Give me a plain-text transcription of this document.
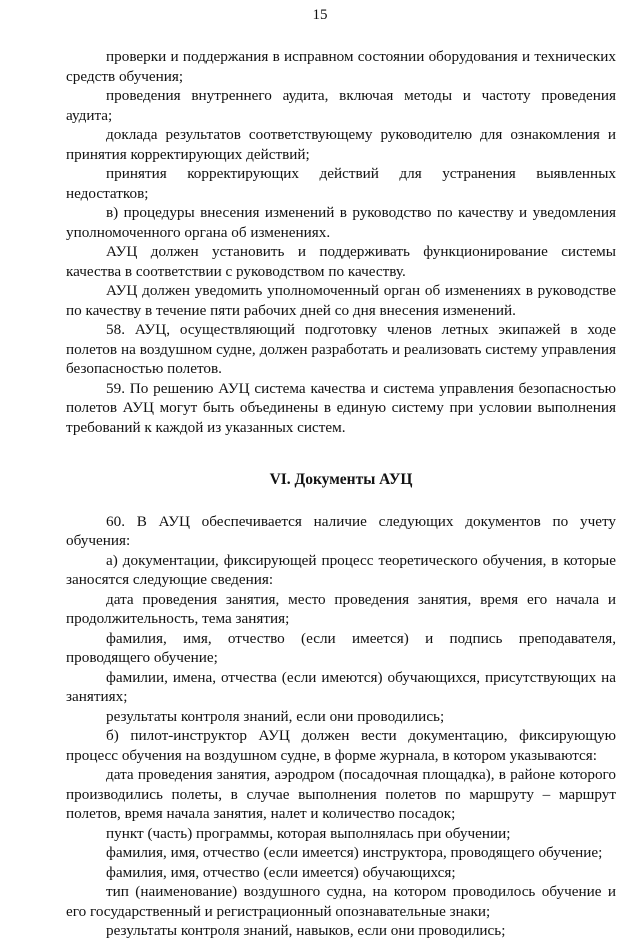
15

проверки и поддержания в исправном состоянии оборудования и технических средств обучения;

проведения внутреннего аудита, включая методы и частоту проведения аудита;

доклада результатов соответствующему руководителю для ознакомления и принятия корректирующих действий;

принятия корректирующих действий для устранения выявленных недостатков;

в) процедуры внесения изменений в руководство по качеству и уведомления уполномоченного органа об изменениях.

АУЦ должен установить и поддерживать функционирование системы качества в соответствии с руководством по качеству.

АУЦ должен уведомить уполномоченный орган об изменениях в руководстве по качеству в течение пяти рабочих дней со дня внесения изменений.

58. АУЦ, осуществляющий подготовку членов летных экипажей в ходе полетов на воздушном судне, должен разработать и реализовать систему управления безопасностью полетов.

59. По решению АУЦ система качества и система управления безопасностью полетов АУЦ могут быть объединены в единую систему при условии выполнения требований к каждой из указанных систем.

VI. Документы АУЦ

60. В АУЦ обеспечивается наличие следующих документов по учету обучения:

а) документации, фиксирующей процесс теоретического обучения, в которые заносятся следующие сведения:

дата проведения занятия, место проведения занятия, время его начала и продолжительность, тема занятия;

фамилия, имя, отчество (если имеется) и подпись преподавателя, проводящего обучение;

фамилии, имена, отчества (если имеются) обучающихся, присутствующих на занятиях;

результаты контроля знаний, если они проводились;

б) пилот-инструктор АУЦ должен вести документацию, фиксирующую процесс обучения на воздушном судне, в форме журнала, в котором указываются:

дата проведения занятия, аэродром (посадочная площадка), в районе которого производились полеты, в случае выполнения полетов по маршруту – маршрут полетов, время начала занятия, налет и количество посадок;

пункт (часть) программы, которая выполнялась при обучении;

фамилия, имя, отчество (если имеется) инструктора, проводящего обучение;

фамилия, имя, отчество (если имеется) обучающихся;

тип (наименование) воздушного судна, на котором проводилось обучение и его государственный и регистрационный опознавательные знаки;

результаты контроля знаний, навыков, если они проводились;
